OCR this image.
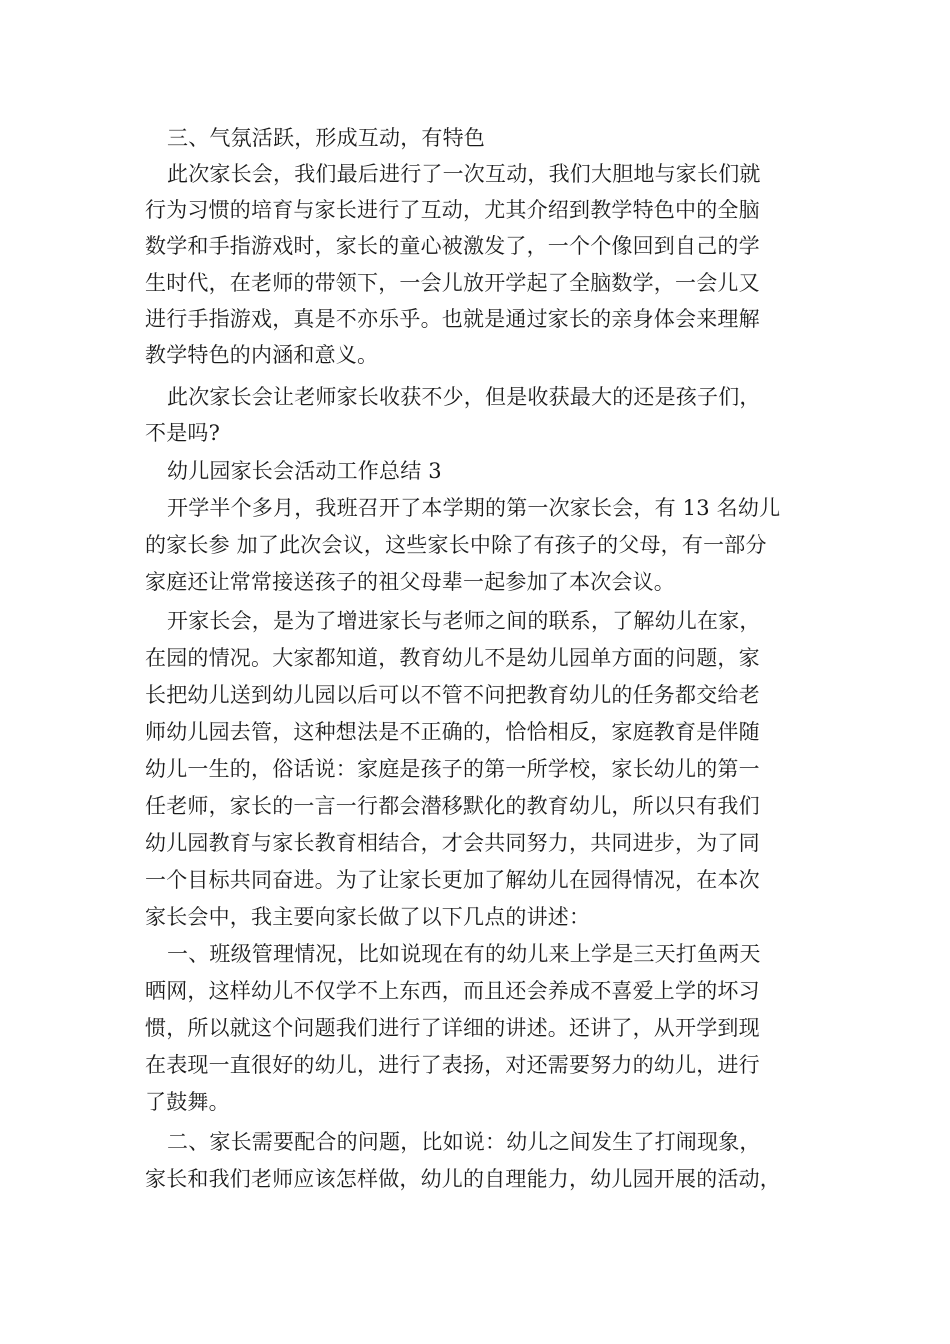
三、气氛活跃，形成互动，有特色
此次家长会，我们最后进行了一次互动，我们大胆地与家长们就
行为习惯的培育与家长进行了互动，尤其介绍到教学特色中的全脑
数学和手指游戏时，家长的童心被激发了，一个个像回到自己的学
生时代，在老师的带领下，一会儿放开学起了全脑数学，一会儿又
进行手指游戏，真是不亦乐乎。也就是通过家长的亲身体会来理解
教学特色的内涵和意义。
此次家长会让老师家长收获不少，但是收获最大的还是孩子们，
不是吗?
幼儿园家长会活动工作总结 3
开学半个多月，我班召开了本学期的第一次家长会，有 13 名幼儿
的家长参 加了此次会议，这些家长中除了有孩子的父母，有一部分
家庭还让常常接送孩子的祖父母辈一起参加了本次会议。
开家长会，是为了增进家长与老师之间的联系，了解幼儿在家，
在园的情况。大家都知道，教育幼儿不是幼儿园单方面的问题，家
长把幼儿送到幼儿园以后可以不管不问把教育幼儿的任务都交给老
师幼儿园去管，这种想法是不正确的，恰恰相反，家庭教育是伴随
幼儿一生的，俗话说：家庭是孩子的第一所学校，家长幼儿的第一
任老师，家长的一言一行都会潜移默化的教育幼儿，所以只有我们
幼儿园教育与家长教育相结合，才会共同努力，共同进步，为了同
一个目标共同奋进。为了让家长更加了解幼儿在园得情况，在本次
家长会中，我主要向家长做了以下几点的讲述：
一、班级管理情况，比如说现在有的幼儿来上学是三天打鱼两天
晒网，这样幼儿不仅学不上东西，而且还会养成不喜爱上学的坏习
惯，所以就这个问题我们进行了详细的讲述。还讲了，从开学到现
在表现一直很好的幼儿，进行了表扬，对还需要努力的幼儿，进行
了鼓舞。
二、家长需要配合的问题，比如说：幼儿之间发生了打闹现象，
家长和我们老师应该怎样做，幼儿的自理能力，幼儿园开展的活动，
